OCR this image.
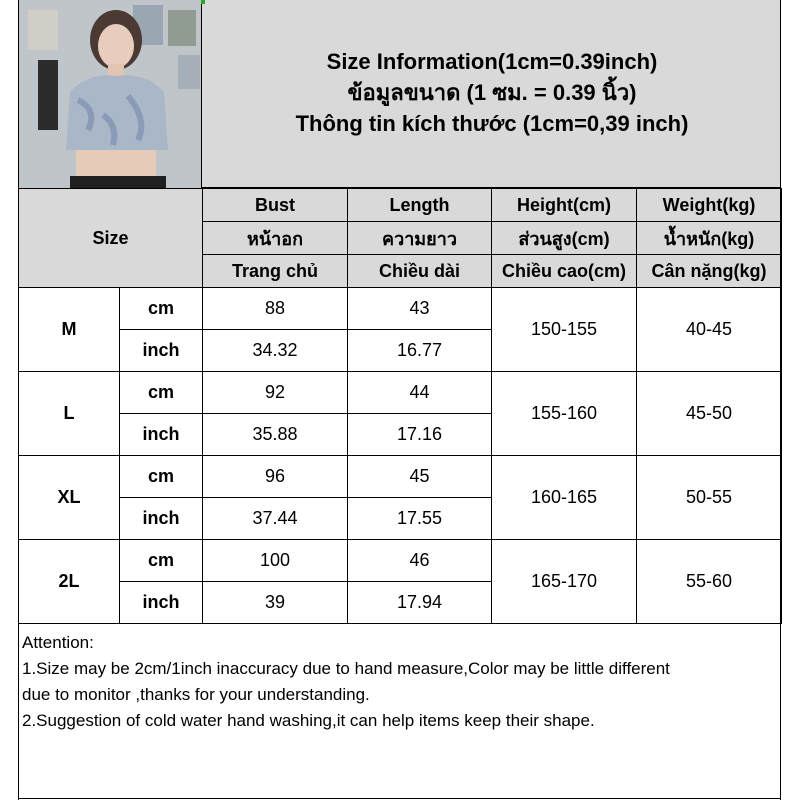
Size Information(1cm=0.39inch)
ข้อมูลขนาด (1 ซม. = 0.39 นิ้ว)
Thông tin kích thước (1cm=0,39 inch)
Size		Bust	Length	Height(cm)	Weight(kg)
		หน้าอก	ความยาว	ส่วนสูง(cm)	น้ำหนัก(kg)
		Trang chủ	Chiều dài	Chiều cao(cm)	Cân nặng(kg)
M	cm	88	43	150-155	40-45
	inch	34.32	16.77		
L	cm	92	44	155-160	45-50
	inch	35.88	17.16		
XL	cm	96	45	160-165	50-55
	inch	37.44	17.55		
2L	cm	100	46	165-170	55-60
	inch	39	17.94		
Attention:
1.Size may be 2cm/1inch inaccuracy due to hand measure,Color may be little different
due to monitor ,thanks for your understanding.
2.Suggestion of cold water hand washing,it can help items keep their shape.
